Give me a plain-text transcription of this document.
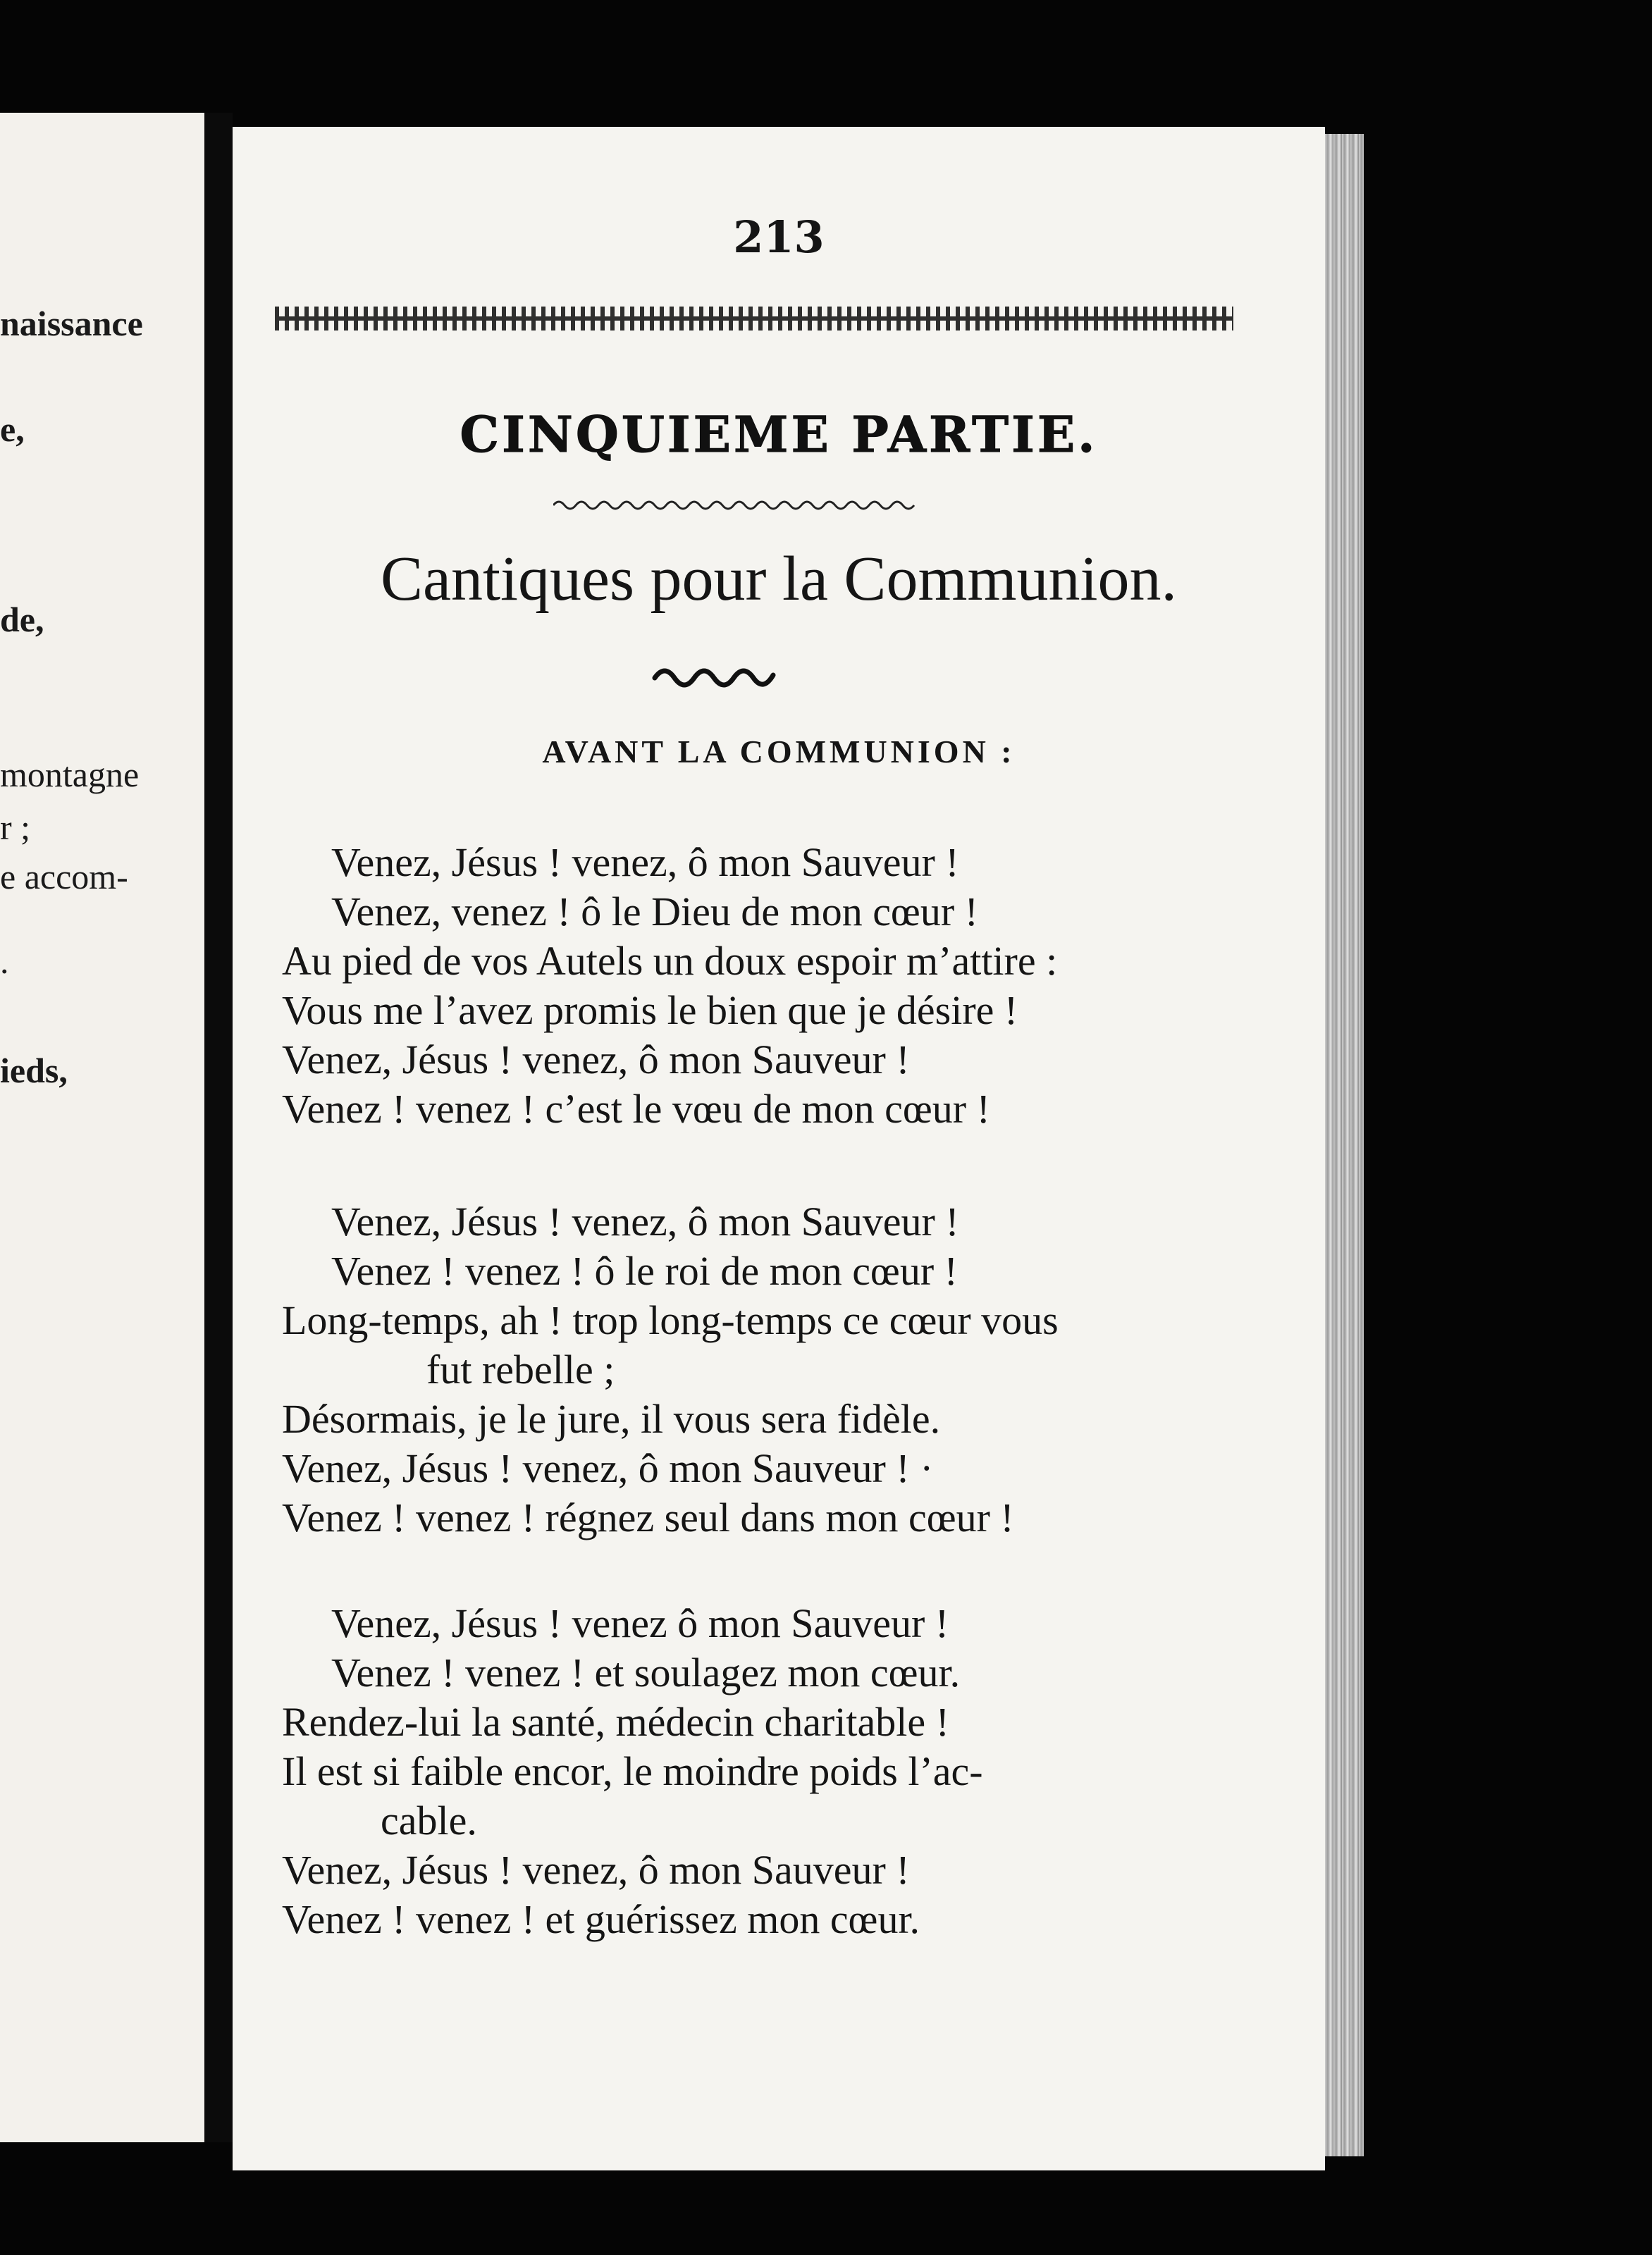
naissance
e,
de,
montagne
r ;
e accom-
.
ieds,
213
CINQUIEME PARTIE.
Cantiques pour la Communion.
AVANT LA COMMUNION :
Venez, Jésus ! venez, ô mon Sauveur !
Venez, venez ! ô le Dieu de mon cœur !
Au pied de vos Autels un doux espoir m’attire :
Vous me l’avez promis le bien que je désire !
Venez, Jésus ! venez, ô mon Sauveur !
Venez ! venez ! c’est le vœu de mon cœur !
Venez, Jésus ! venez, ô mon Sauveur !
Venez ! venez ! ô le roi de mon cœur !
Long-temps, ah ! trop long-temps ce cœur vous
fut rebelle ;
Désormais, je le jure, il vous sera fidèle.
Venez, Jésus ! venez, ô mon Sauveur ! ·
Venez ! venez ! régnez seul dans mon cœur !
Venez, Jésus ! venez ô mon Sauveur !
Venez ! venez ! et soulagez mon cœur.
Rendez-lui la santé, médecin charitable !
Il est si faible encor, le moindre poids l’ac-
cable.
Venez, Jésus ! venez, ô mon Sauveur !
Venez ! venez ! et guérissez mon cœur.
